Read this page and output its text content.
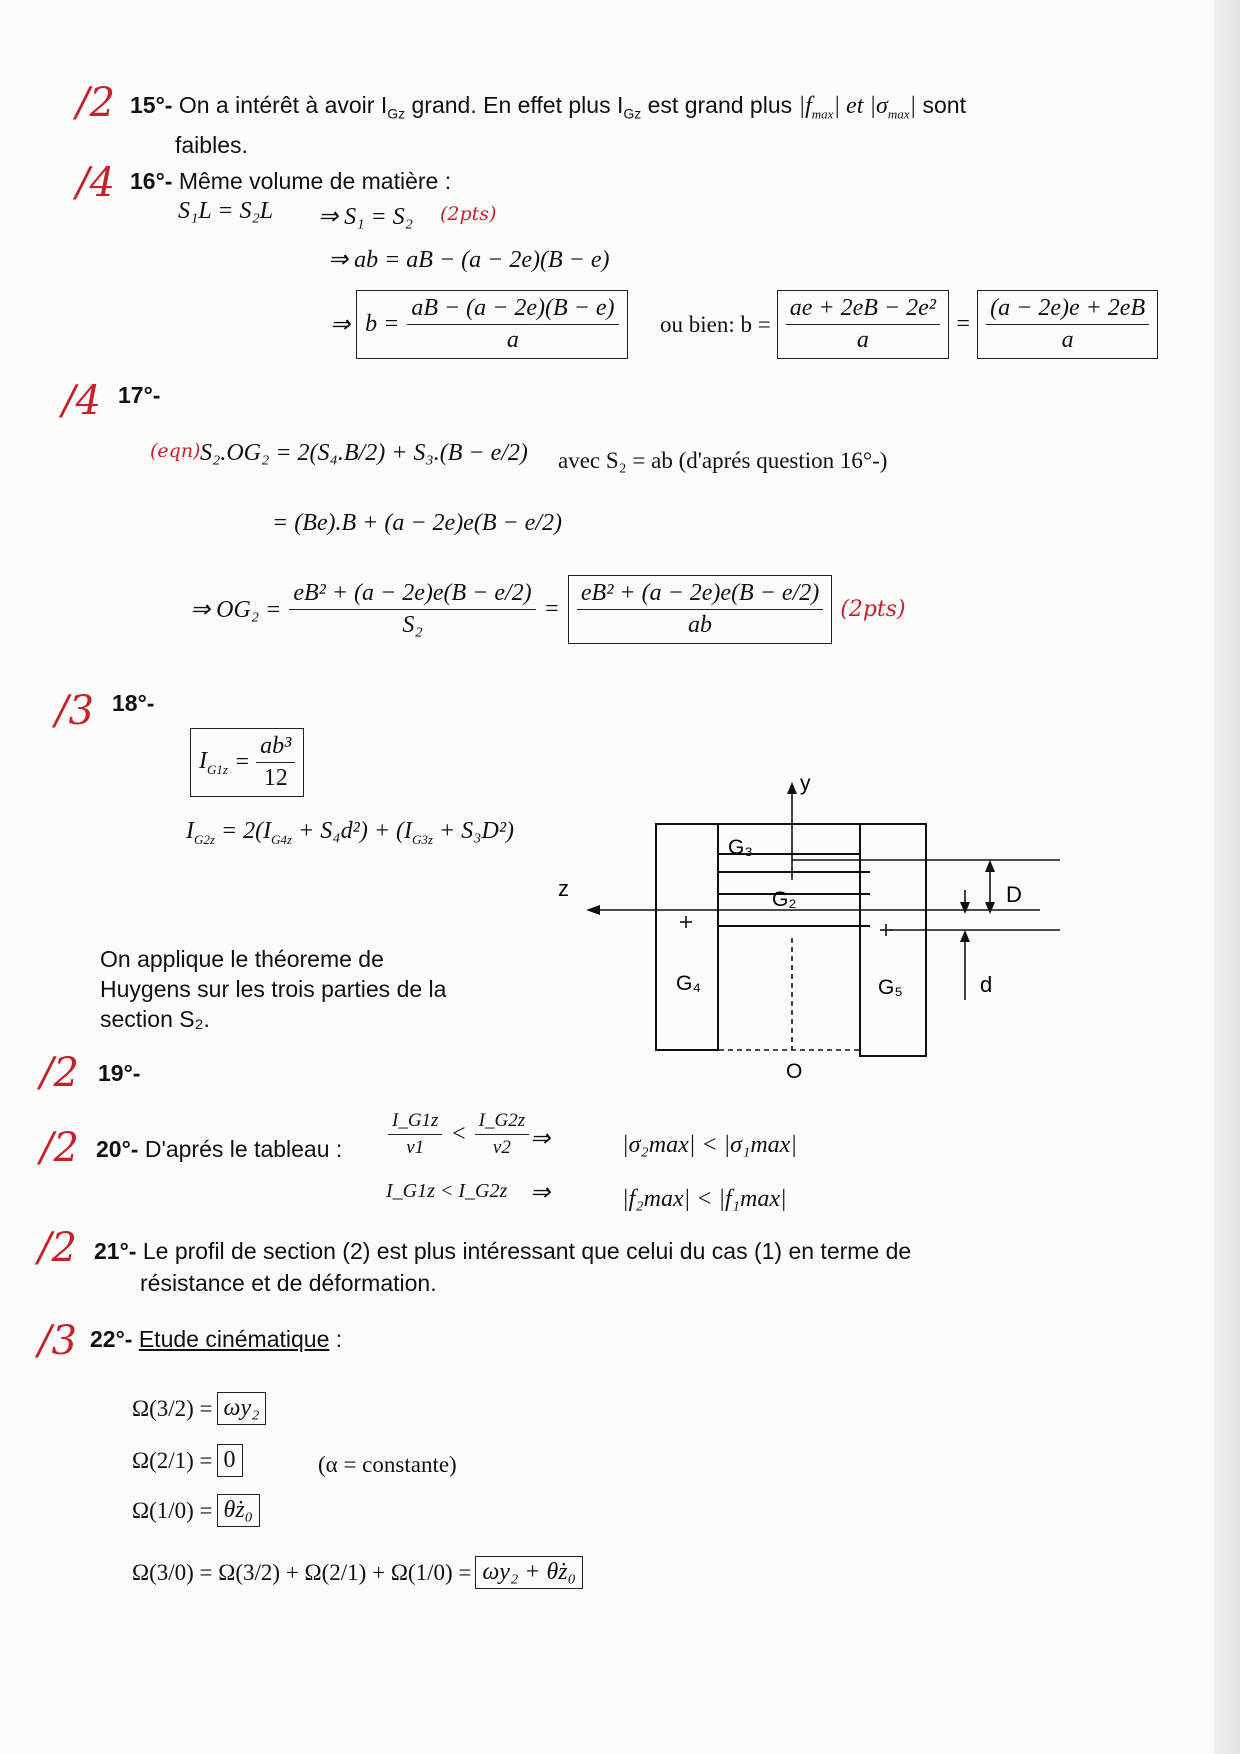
/2 15°- On a intérêt à avoir $I_{Gz}$ grand. En effet plus $I_{Gz}$ est grand plus $|f_{max}|$ et $|\sigma_{max}|$ sont
faibles.
/4 16°- Même volume de matière :
S₁L = S₂L ⇒ S₁ = S₂ (2pts)
⇒ ab = aB − (a − 2e)(B − e)
⇒ $b = \frac{aB - (a - 2e)(B - e)}{a}$ ou bien: $b = \frac{\text{ae + 2eB − 2e²}}{a} = \frac{(a - 2e)e + 2eB}{a}$
/4 17°-
(eqn) S₂.OG₂ = 2(S₄.B/2) + S₃.(B − e/2) avec S₂ = ab (d'aprés question 16°-)
= (Be).B + (a − 2e)e(B − e/2)
⇒ $OG_2 = \frac{\text{eB² + (a − 2e)e(B − e/2)}}{\text{S₂}} = \frac{\text{eB² + (a − 2e)e(B − e/2)}}{ab} (2pts)$
/3 18°-
$I_{G1z} = \frac{\text{ab³}}{12}$
$I_{G2z} = 2(I_{G4z} + S_4d^2) + (I_{G3z} + S_3D^2)$
On applique le théoreme de
Huygens sur les trois parties de la
section S₂.
y
z
O
G₂
G₃
G₄	G₅
D
d
/2 19°-
/2 20°- D'aprés le tableau : $\frac{I\_G1z}{v1} < \frac{I\_G2z}{v2}$ ⇒	|σ₂max| < |σ₁max|
I_G1z < I_G2z ⇒	|f₂max| < |f₁max|
/2 21°- Le profil de section (2) est plus intéressant que celui du cas (1) en terme de
résistance et de déformation.
/3 22°- Etude cinématique :
Ω(3/2) = ωy₂
Ω(2/1) = 0	(α = constante)
Ω(1/0) = θ̇z₀
Ω(3/0) = Ω(3/2) + Ω(2/1) + Ω(1/0) = ωy₂ + θ̇z₀
